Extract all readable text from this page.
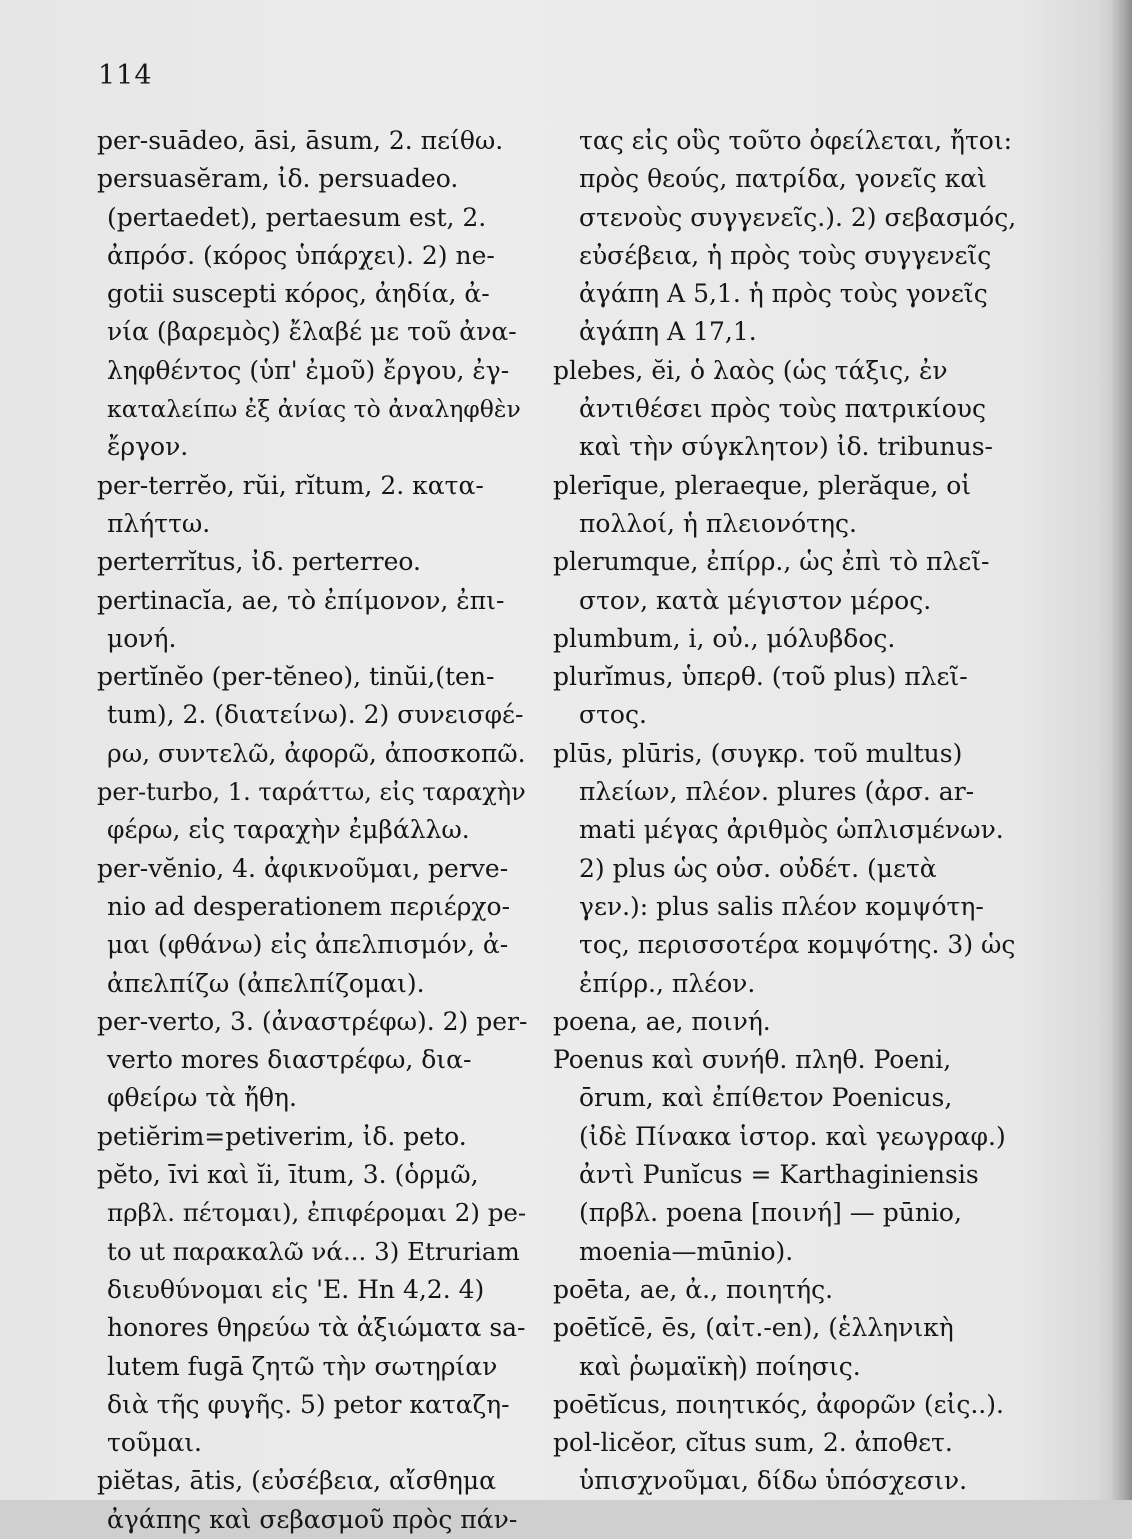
114
per-suādeo, āsi, āsum, 2. πείθω.
persuasĕram, ἰδ. persuadeo.
(pertaedet), pertaesum est, 2.
ἀπρόσ. (κόρος ὑπάρχει). 2) ne-
gotii suscepti κόρος, ἀηδία, ἀ-
νία (βαρεμὸς) ἔλαβέ με τοῦ ἀνα-
ληφθέντος (ὑπ' ἐμοῦ) ἔργου, ἐγ-
καταλείπω ἐξ ἀνίας τὸ ἀναληφθὲν
ἔργον.
per-terrĕo, rŭi, rĭtum, 2. κατα-
πλήττω.
perterrĭtus, ἰδ. perterreo.
pertinacĭa, ae, τὸ ἐπίμονον, ἐπι-
μονή.
pertĭnĕo (per-tĕneo), tinŭi,(ten-
tum), 2. (διατείνω). 2) συνεισφέ-
ρω, συντελῶ, ἀφορῶ, ἀποσκοπῶ.
per-turbo, 1. ταράττω, εἰς ταραχὴν
φέρω, εἰς ταραχὴν ἐμβάλλω.
per-vĕnio, 4. ἀφικνοῦμαι, perve-
nio ad desperationem περιέρχο-
μαι (φθάνω) εἰς ἀπελπισμόν, ἀ-
ἀπελπίζω (ἀπελπίζομαι).
per-verto, 3. (ἀναστρέφω). 2) per-
verto mores διαστρέφω, δια-
φθείρω τὰ ἤθη.
petiĕrim=petiverim, ἰδ. peto.
pĕto, īvi καὶ ĭi, ītum, 3. (ὁρμῶ,
πρβλ. πέτομαι), ἐπιφέρομαι 2) pe-
to ut παρακαλῶ νά... 3) Etruriam
διευθύνομαι εἰς 'Ε. Hn 4,2. 4)
honores θηρεύω τὰ ἀξιώματα sa-
lutem fugā ζητῶ τὴν σωτηρίαν
διὰ τῆς φυγῆς. 5) petor καταζη-
τοῦμαι.
piĕtas, ātis, (εὐσέβεια, αἴσθημα
ἀγάπης καὶ σεβασμοῦ πρὸς πάν-
τας εἰς οὓς τοῦτο ὀφείλεται, ἤτοι:
πρὸς θεούς, πατρίδα, γονεῖς καὶ
στενοὺς συγγενεῖς.). 2) σεβασμός,
εὐσέβεια, ἡ πρὸς τοὺς συγγενεῖς
ἀγάπη A 5,1. ἡ πρὸς τοὺς γονεῖς
ἀγάπη A 17,1.
plebes, ĕi, ὁ λαὸς (ὡς τάξις, ἐν
ἀντιθέσει πρὸς τοὺς πατρικίους
καὶ τὴν σύγκλητον) ἰδ. tribunus-
plerīque, pleraeque, plerăque, οἱ
πολλοί, ἡ πλειονότης.
plerumque, ἐπίρρ., ὡς ἐπὶ τὸ πλεῖ-
στον, κατὰ μέγιστον μέρος.
plumbum, i, οὐ., μόλυβδος.
plurĭmus, ὑπερθ. (τοῦ plus) πλεῖ-
στος.
plūs, plūris, (συγκρ. τοῦ multus)
πλείων, πλέον. plures (ἀρσ. ar-
mati μέγας ἀριθμὸς ὡπλισμένων.
2) plus ὡς οὐσ. οὐδέτ. (μετὰ
γεν.): plus salis πλέον κομψότη-
τος, περισσοτέρα κομψότης. 3) ὡς
ἐπίρρ., πλέον.
poena, ae, ποινή.
Poenus καὶ συνήθ. πληθ. Poeni,
ōrum, καὶ ἐπίθετον Poenicus,
(ἰδὲ Πίνακα ἱστορ. καὶ γεωγραφ.)
ἀντὶ Punĭcus = Karthaginiensis
(πρβλ. poena [ποινή] — pūnio,
moenia—mūnio).
poēta, ae, ἀ., ποιητής.
poētĭcē, ēs, (αἰτ.-en), (ἑλληνικὴ
καὶ ῥωμαϊκὴ) ποίησις.
poētĭcus, ποιητικός, ἀφορῶν (εἰς..).
pol-licĕor, cĭtus sum, 2. ἀποθετ.
ὑπισχνοῦμαι, δίδω ὑπόσχεσιν.
